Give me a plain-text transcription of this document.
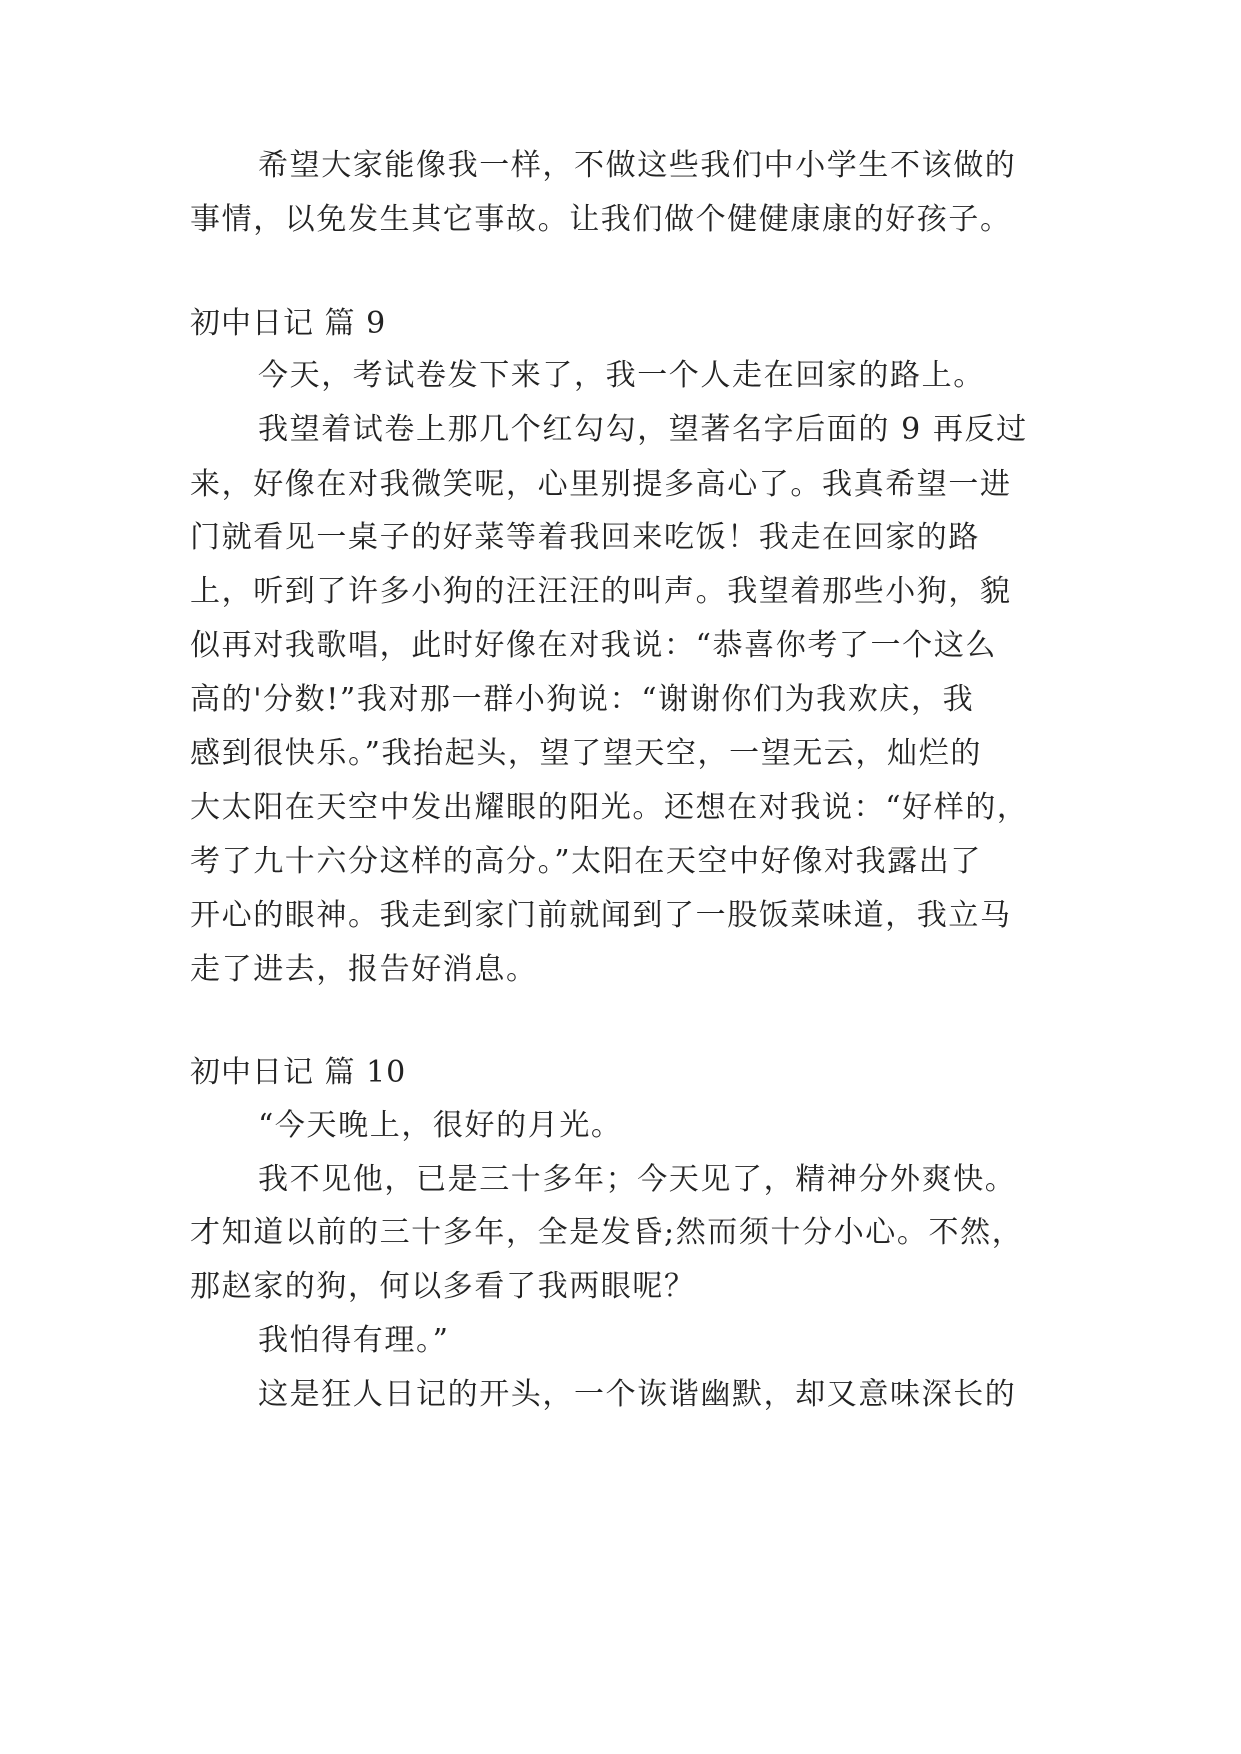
希望大家能像我一样，不做这些我们中小学生不该做的
事情，以免发生其它事故。让我们做个健健康康的好孩子。
初中日记 篇 9
今天，考试卷发下来了，我一个人走在回家的路上。
我望着试卷上那几个红勾勾，望著名字后面的 9 再反过
来，好像在对我微笑呢，心里别提多高心了。我真希望一进
门就看见一桌子的好菜等着我回来吃饭！我走在回家的路
上，听到了许多小狗的汪汪汪的叫声。我望着那些小狗，貌
似再对我歌唱，此时好像在对我说：“恭喜你考了一个这么
高的'分数!”我对那一群小狗说：“谢谢你们为我欢庆，我
感到很快乐。”我抬起头，望了望天空，一望无云，灿烂的
大太阳在天空中发出耀眼的阳光。还想在对我说：“好样的，
考了九十六分这样的高分。”太阳在天空中好像对我露出了
开心的眼神。我走到家门前就闻到了一股饭菜味道，我立马
走了进去，报告好消息。
初中日记 篇 10
“今天晚上，很好的月光。
我不见他，已是三十多年；今天见了，精神分外爽快。
才知道以前的三十多年，全是发昏;然而须十分小心。不然，
那赵家的狗，何以多看了我两眼呢？
我怕得有理。”
这是狂人日记的开头，一个诙谐幽默，却又意味深长的
